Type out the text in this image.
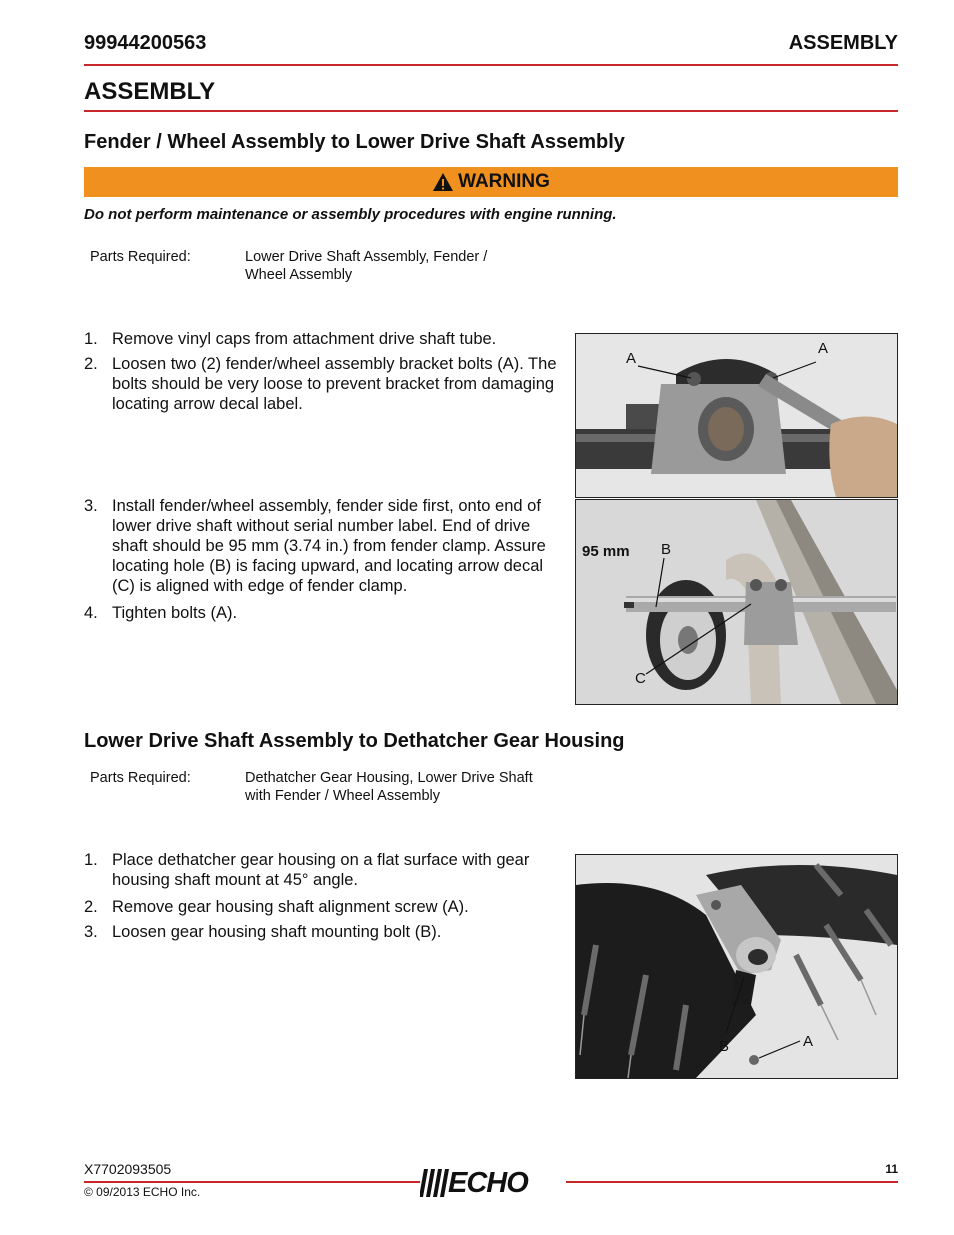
99944200563	ASSEMBLY
ASSEMBLY
Fender / Wheel Assembly to Lower Drive Shaft Assembly
WARNING
Do not perform maintenance or assembly procedures with engine running.
Parts Required:	Lower Drive Shaft Assembly, Fender /
Wheel Assembly
1. Remove vinyl caps from attachment drive shaft tube.
2. Loosen two (2) fender/wheel assembly bracket bolts (A). The bolts should be very loose to prevent bracket from damaging locating arrow decal label.
3. Install fender/wheel assembly, fender side first, onto end of lower drive shaft without serial number label. End of drive shaft should be 95 mm (3.74 in.) from fender clamp. Assure locating hole (B) is facing upward, and locating arrow decal (C) is aligned with edge of fender clamp.
4. Tighten bolts (A).
A
A
95 mm B
C
Lower Drive Shaft Assembly to Dethatcher Gear Housing
Parts Required:	Dethatcher Gear Housing, Lower Drive Shaft
with Fender / Wheel Assembly
1. Place dethatcher gear housing on a flat surface with gear housing shaft mount at 45° angle.
2. Remove gear housing shaft alignment screw (A).
3. Loosen gear housing shaft mounting bolt (B).
B	A
X7702093505
© 09/2013 ECHO Inc.
11
ECHO
